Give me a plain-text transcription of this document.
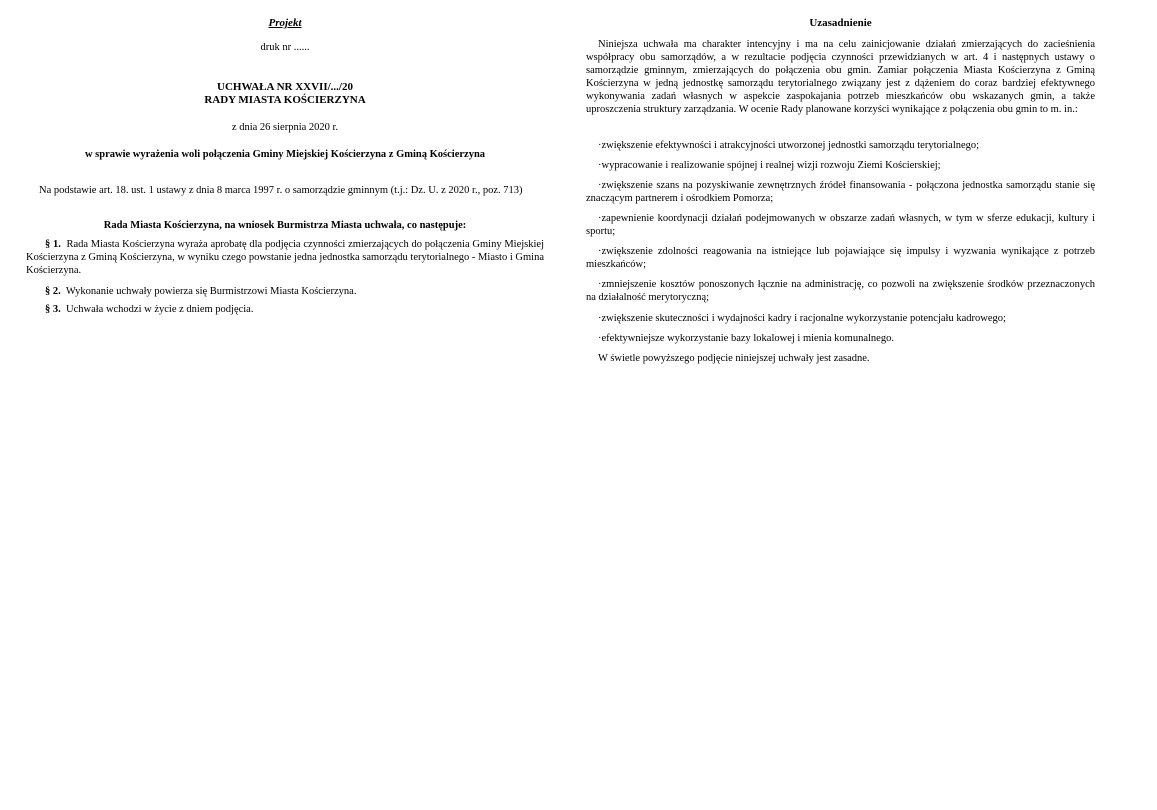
Projekt

druk nr ......

UCHWAŁA NR XXVII/.../20
RADY MIASTA KOŚCIERZYNA

z dnia 26 sierpnia 2020 r.

w sprawie wyrażenia woli połączenia Gminy Miejskiej Kościerzyna z Gminą Kościerzyna

Na podstawie art. 18. ust. 1 ustawy z dnia 8 marca 1997 r. o samorządzie gminnym (t.j.: Dz. U. z 2020 r., poz. 713)

Rada Miasta Kościerzyna, na wniosek Burmistrza Miasta uchwała, co następuje:

§ 1. Rada Miasta Kościerzyna wyraża aprobatę dla podjęcia czynności zmierzających do połączenia Gminy Miejskiej Kościerzyna z Gminą Kościerzyna, w wyniku czego powstanie jedna jednostka samorządu terytorialnego - Miasto i Gmina Kościerzyna.

§ 2. Wykonanie uchwały powierza się Burmistrzowi Miasta Kościerzyna.

§ 3. Uchwała wchodzi w życie z dniem podjęcia.

Uzasadnienie

Niniejsza uchwała ma charakter intencyjny i ma na celu zainicjowanie działań zmierzających do zacieśnienia współpracy obu samorządów, a w rezultacie podjęcia czynności przewidzianych w art. 4 i następnych ustawy o samorządzie gminnym, zmierzających do połączenia obu gmin. Zamiar połączenia Miasta Kościerzyna z Gminą Kościerzyna w jedną jednostkę samorządu terytorialnego związany jest z dążeniem do coraz bardziej efektywnego wykonywania zadań własnych w aspekcie zaspokajania potrzeb mieszkańców obu wskazanych gmin, a także uproszczenia struktury zarządzania. W ocenie Rady planowane korzyści wynikające z połączenia obu gmin to m. in.:

·zwiększenie efektywności i atrakcyjności utworzonej jednostki samorządu terytorialnego;

·wypracowanie i realizowanie spójnej i realnej wizji rozwoju Ziemi Kościerskiej;

·zwiększenie szans na pozyskiwanie zewnętrznych źródeł finansowania - połączona jednostka samorządu stanie się znaczącym partnerem i ośrodkiem Pomorza;

·zapewnienie koordynacji działań podejmowanych w obszarze zadań własnych, w tym w sferze edukacji, kultury i sportu;

·zwiększenie zdolności reagowania na istniejące lub pojawiające się impulsy i wyzwania wynikające z potrzeb mieszkańców;

·zmniejszenie kosztów ponoszonych łącznie na administrację, co pozwoli na zwiększenie środków przeznaczonych na działalność merytoryczną;

·zwiększenie skuteczności i wydajności kadry i racjonalne wykorzystanie potencjału kadrowego;

·efektywniejsze wykorzystanie bazy lokalowej i mienia komunalnego.

W świetle powyższego podjęcie niniejszej uchwały jest zasadne.
